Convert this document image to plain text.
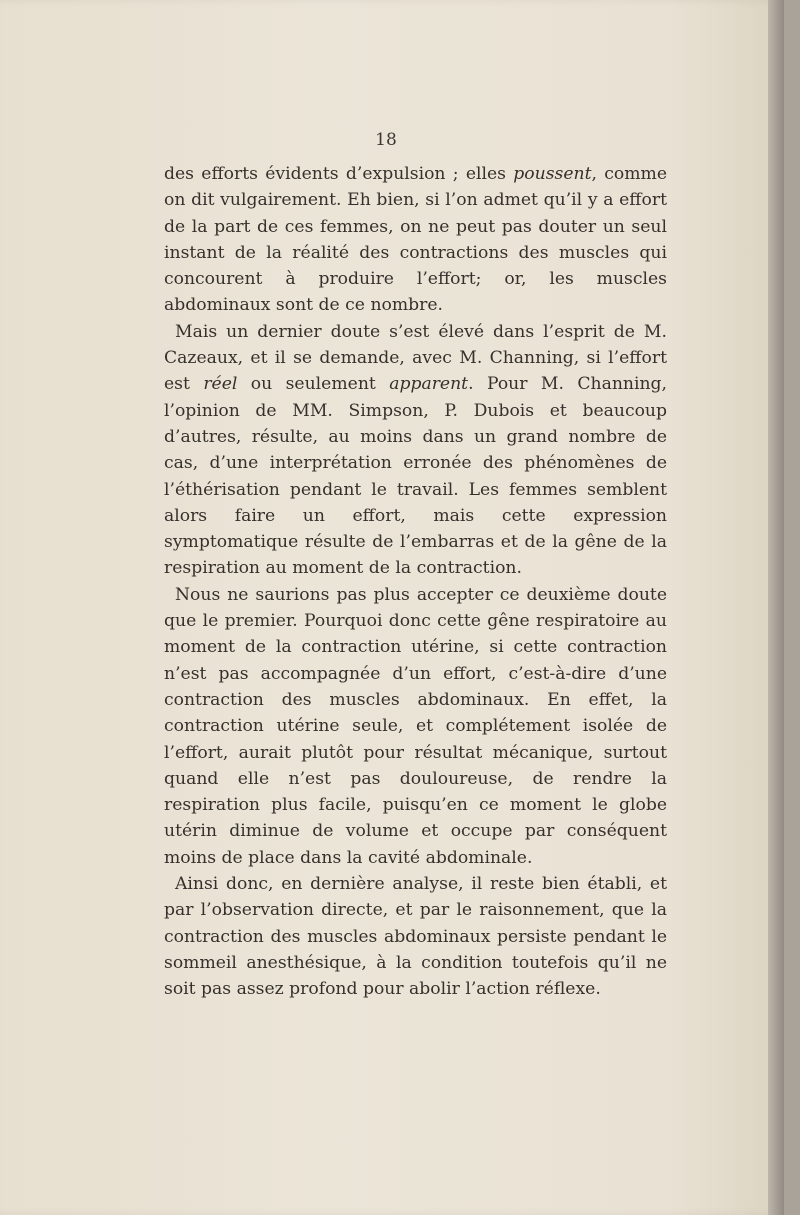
18

des efforts évidents d’expulsion ; elles poussent, comme on dit vulgairement. Eh bien, si l’on admet qu’il y a effort de la part de ces femmes, on ne peut pas douter un seul instant de la réalité des contractions des muscles qui concourent à produire l’effort; or, les muscles abdominaux sont de ce nombre.

Mais un dernier doute s’est élevé dans l’esprit de M. Cazeaux, et il se demande, avec M. Channing, si l’effort est réel ou seulement apparent. Pour M. Channing, l’opinion de MM. Simpson, P. Dubois et beaucoup d’autres, résulte, au moins dans un grand nombre de cas, d’une interprétation erronée des phénomènes de l’éthérisation pendant le travail. Les femmes semblent alors faire un effort, mais cette expression symptomatique résulte de l’embarras et de la gêne de la respiration au moment de la contraction.

Nous ne saurions pas plus accepter ce deuxième doute que le premier. Pourquoi donc cette gêne respiratoire au moment de la contraction utérine, si cette contraction n’est pas accompagnée d’un effort, c’est-à-dire d’une contraction des muscles abdominaux. En effet, la contraction utérine seule, et complétement isolée de l’effort, aurait plutôt pour résultat mécanique, surtout quand elle n’est pas douloureuse, de rendre la respiration plus facile, puisqu’en ce moment le globe utérin diminue de volume et occupe par conséquent moins de place dans la cavité abdominale.

Ainsi donc, en dernière analyse, il reste bien établi, et par l’observation directe, et par le raisonnement, que la contraction des muscles abdominaux persiste pendant le sommeil anesthésique, à la condition toutefois qu’il ne soit pas assez profond pour abolir l’action réflexe.
